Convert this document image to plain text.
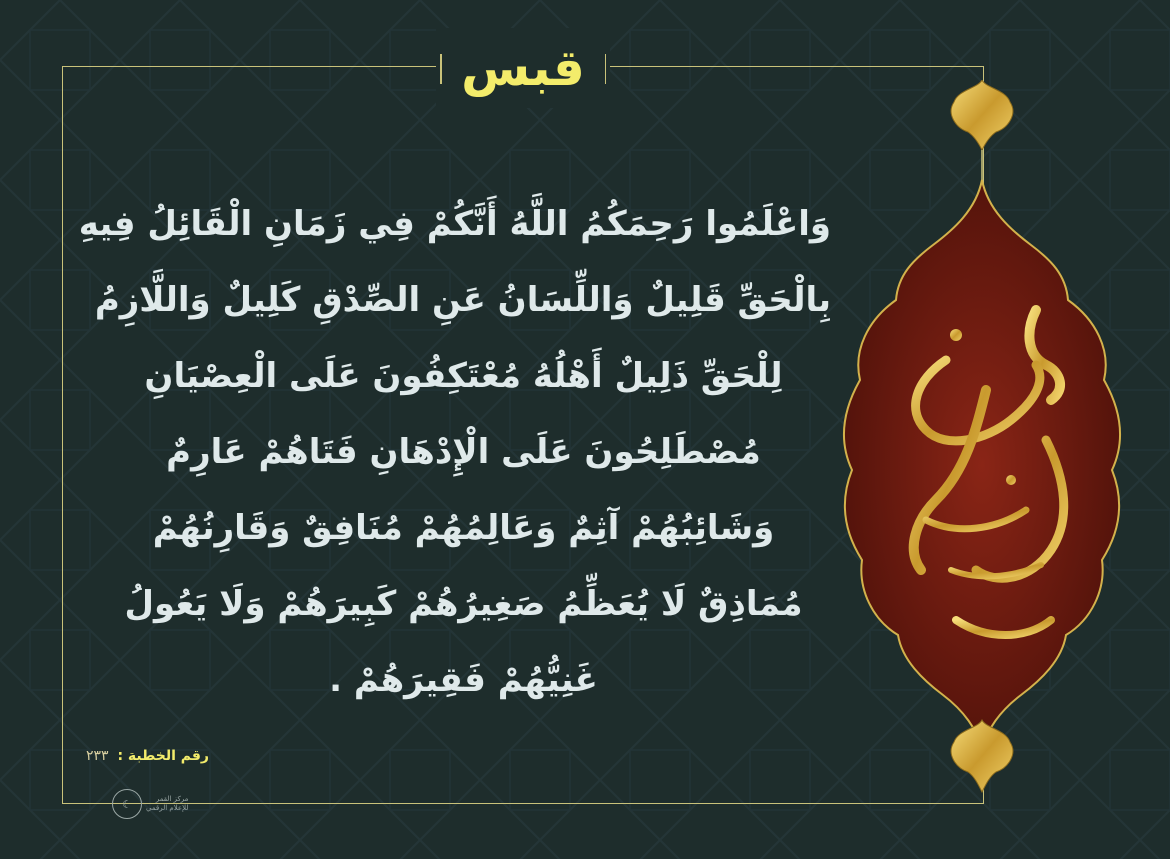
قبس
وَاعْلَمُوا رَحِمَكُمُ اللَّهُ أَنَّكُمْ فِي زَمَانِ الْقَائِلُ فِيهِ
بِالْحَقِّ قَلِيلٌ وَاللِّسَانُ عَنِ الصِّدْقِ كَلِيلٌ وَاللَّازِمُ
لِلْحَقِّ ذَلِيلٌ أَهْلُهُ مُعْتَكِفُونَ عَلَى الْعِصْيَانِ
مُصْطَلِحُونَ عَلَى الْإِدْهَانِ فَتَاهُمْ عَارِمٌ
وَشَائِبُهُمْ آثِمٌ وَعَالِمُهُمْ مُنَافِقٌ وَقَارِنُهُمْ
مُمَاذِقٌ لَا يُعَظِّمُ صَغِيرُهُمْ كَبِيرَهُمْ وَلَا يَعُولُ
غَنِيُّهُمْ فَقِيرَهُمْ .
رقم الخطبة : ٢٣٣
☾	مركز القمر
للإعلام الرقمي
